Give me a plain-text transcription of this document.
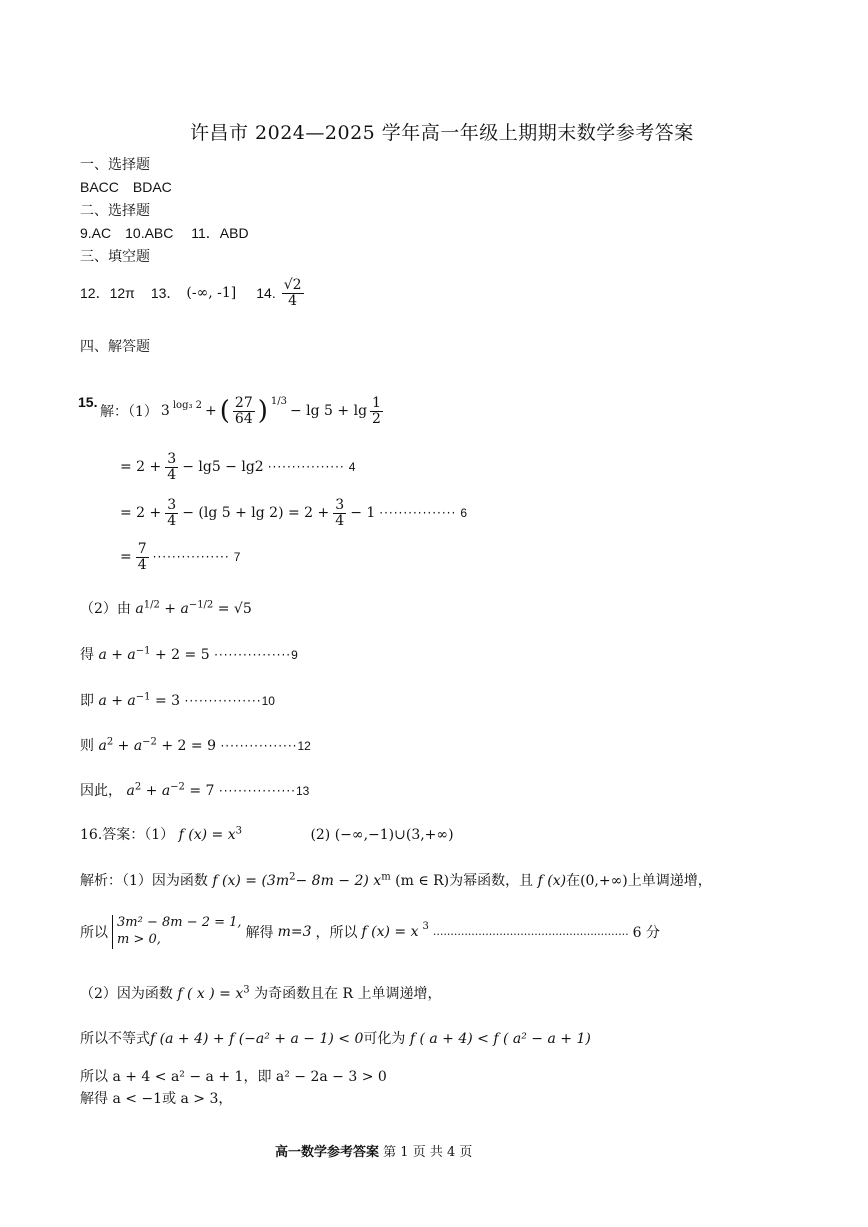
许昌市 2024—2025 学年高一年级上期期末数学参考答案
一、选择题
BACC　BDAC
二、选择题
9.AC　10.ABC　 11．ABD
三、填空题
12．12π 13． (-∞, -1] 14. $\frac{√2}{4}$
四、解答题
15.
解：（1） 3 $^{log_3 2}$ + ( $\frac{27}{64}$ ) $^{1/3}$
− $\lg 5 + \lg \frac{1}{2}$
= $2 + \frac{3}{4} - \lg 5 - \lg 2$ ················ 4
= $2 + \frac{3}{4} - (\lg$ $5 + \lg 2) = 2 + \frac{3}{4} - 1$ ················ 6
= $\frac{7}{4}$ ················ 7
（2）由 $a^{1/2} + a^{-1/2} = √5$
得 $a + a^{-1} + 2 = 5 \cdot\cdot\cdot\cdot\cdot\cdot\cdot\cdot\cdot\cdot\cdot\cdot\cdot\cdot\cdot\cdot 9$
即 $a + a^{-1} = 3 \cdot\cdot\cdot\cdot\cdot\cdot\cdot\cdot\cdot\cdot\cdot\cdot\cdot\cdot\cdot\cdot 10$
则 $a^2 + a^{-2} + 2 = 9 \cdot\cdot\cdot\cdot\cdot\cdot\cdot\cdot\cdot\cdot\cdot\cdot\cdot\cdot\cdot\cdot 12$
因此， $a^2 + a^{-2} = 7 \cdot\cdot\cdot\cdot\cdot\cdot\cdot\cdot\cdot\cdot\cdot\cdot\cdot\cdot\cdot\cdot 13$
16.答案：（1） f $(x) = x^3$	(2) (−∞,−1)∪(3,+∞)
解析：（1）因为函数 f $(x) = (3m^2- 8m - 2)$ $x^m$ (m ∈ R)为幂函数，且 f (x)在(0,+∞)上单调递增，
所以
3m² − 8m − 2 = 1,
m > 0,	解得 m=3 ，所以 f (x) = x $^3$ ........................................................ 6 分
（2）因为函数 f ( x ) = $x^3$ 为奇函数且在 R 上单调递增，
所以不等式f (a + 4) + f (−a² + a − 1) < 0可化为 f ( a + 4) < f ( a² − a + 1)
所以 a + 4 < a² − a + 1，即 a² − 2a − 3 > 0
解得 a < −1或 a > 3，
高一数学参考答案 第 1 页 共 4 页
